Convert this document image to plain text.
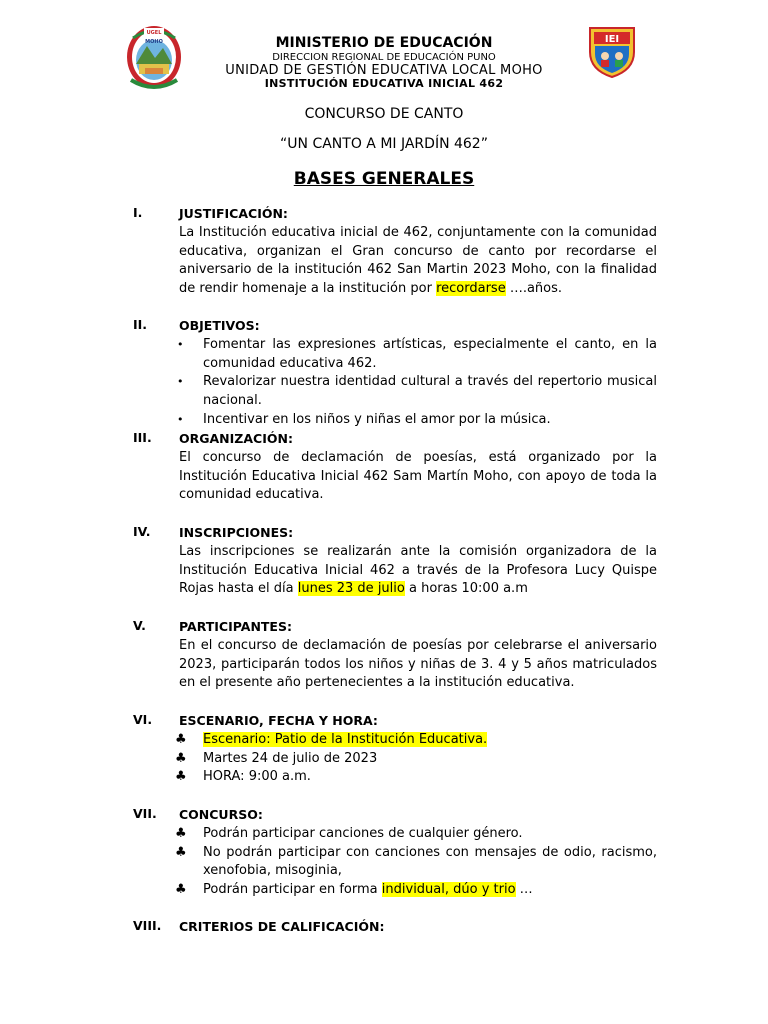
UGEL
MOHO	IEI
MINISTERIO DE EDUCACIÓN
DIRECCION REGIONAL DE EDUCACIÓN PUNO
UNIDAD DE GESTIÓN EDUCATIVA LOCAL MOHO
INSTITUCIÓN EDUCATIVA INICIAL 462
CONCURSO DE CANTO
“UN CANTO A MI JARDÍN 462”
BASES GENERALES
I.	JUSTIFICACIÓN:
La Institución educativa inicial de 462, conjuntamente con la comunidad educativa, organizan el Gran concurso de canto por recordarse el aniversario de la institución 462 San Martin 2023 Moho, con la finalidad de rendir homenaje a la institución por recordarse ….años.
II.	OBJETIVOS:
•	Fomentar las expresiones artísticas, especialmente el canto, en la comunidad educativa 462.
•	Revalorizar nuestra identidad cultural a través del repertorio musical nacional.
•	Incentivar en los niños y niñas el amor por la música.
III. ORGANIZACIÓN:
El concurso de declamación de poesías, está organizado por la Institución Educativa Inicial 462 Sam Martín Moho, con apoyo de toda la comunidad educativa.
IV. INSCRIPCIONES:
Las inscripciones se realizarán ante la comisión organizadora de la Institución Educativa Inicial 462 a través de la Profesora Lucy Quispe Rojas hasta el día lunes 23 de julio a horas 10:00 a.m
V.	PARTICIPANTES:
En el concurso de declamación de poesías por celebrarse el aniversario 2023, participarán todos los niños y niñas de 3. 4 y 5 años matriculados en el presente año pertenecientes a la institución educativa.
VI. ESCENARIO, FECHA Y HORA:
♣ Escenario: Patio de la Institución Educativa.
♣ Martes 24 de julio de 2023
♣ HORA: 9:00 a.m.
VII. CONCURSO:
♣ Podrán participar canciones de cualquier género.
♣ No podrán participar con canciones con mensajes de odio, racismo, xenofobia, misoginia,
♣ Podrán participar en forma individual, dúo y trio …
VIII. CRITERIOS DE CALIFICACIÓN:
